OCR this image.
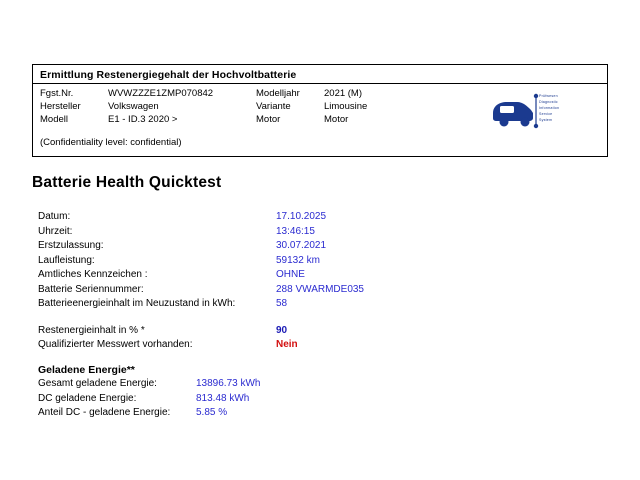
Ermittlung Restenergiegehalt der Hochvoltbatterie
Fgst.Nr.	WVWZZZE1ZMP070842	Modelljahr	2021 (M)
Hersteller	Volkswagen	Variante	Limousine
Modell	E1 - ID.3 2020 >	Motor	Motor
(Confidentiality level: confidential)
Prüfwesen
Diagnostic
Information
Service
System
Batterie Health Quicktest
Datum:	17.10.2025
Uhrzeit:	13:46:15
Erstzulassung:	30.07.2021
Laufleistung:	59132 km
Amtliches Kennzeichen :	OHNE
Batterie Seriennummer:	288 VWARMDE035
Batterieenergieinhalt im Neuzustand in kWh:	58
Restenergieinhalt in % *	90
Qualifizierter Messwert vorhanden:	Nein
Geladene Energie**
Gesamt geladene Energie:	13896.73 kWh
DC geladene Energie:	813.48 kWh
Anteil DC - geladene Energie:	5.85 %
